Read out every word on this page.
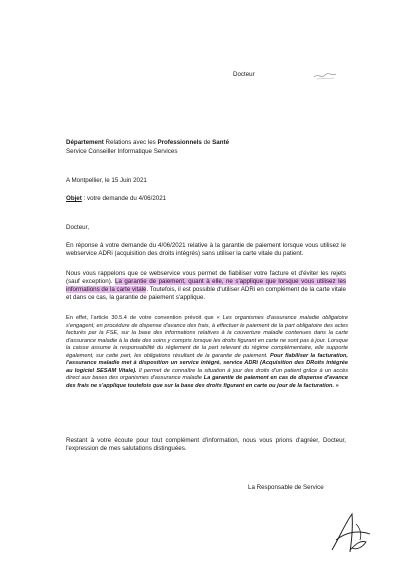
Docteur
Département Relations avec les Professionnels de Santé
Service Conseiller Informatique Services
A Montpellier, le 15 Juin 2021
Objet : votre demande du 4/06/2021
Docteur,
En réponse à votre demande du 4/06/2021 relative à la garantie de paiement lorsque vous utilisez le webservice ADRi (acquisition des droits intégrés) sans utiliser la carte vitale du patient.
Nous vous rappelons que ce webservice vous permet de fiabiliser votre facture et d'éviter les rejets (sauf exception). La garantie de paiement, quant à elle, ne s'applique que lorsque vous utilisez les informations de la carte vitale. Toutefois, il est possible d'utiliser ADRi en complément de la carte vitale et dans ce cas, la garantie de paiement s'applique.
En effet, l'article 30.5.4 de votre convention prévoit que « Les organismes d'assurance maladie obligatoire s'engagent, en procédure de dispense d'avance des frais, à effectuer le paiement de la part obligatoire des actes facturés par la FSE, sur la base des informations relatives à la couverture maladie contenues dans la carte d'assurance maladie à la date des soins y compris lorsque les droits figurant en carte ne sont pas à jour. Lorsque la caisse assume la responsabilité du règlement de la part relevant du régime complémentaire, elle supporte également, sur cette part, les obligations résultant de la garantie de paiement. Pour fiabiliser la facturation, l'assurance maladie met à disposition un service intégré, service ADRi (Acquisition des DRoits intégrée au logiciel SESAM Vitale). Il permet de connaître la situation à jour des droits d'un patient grâce à un accès direct aux bases des organismes d'assurance maladie La garantie de paiement en cas de dispense d'avance des frais ne s'applique toutefois que sur la base des droits figurant en carte ou jour de la facturation. »
Restant à votre écoute pour tout complément d'information, nous vous prions d'agréer, Docteur, l'expression de mes salutations distinguées.
La Responsable de Service
